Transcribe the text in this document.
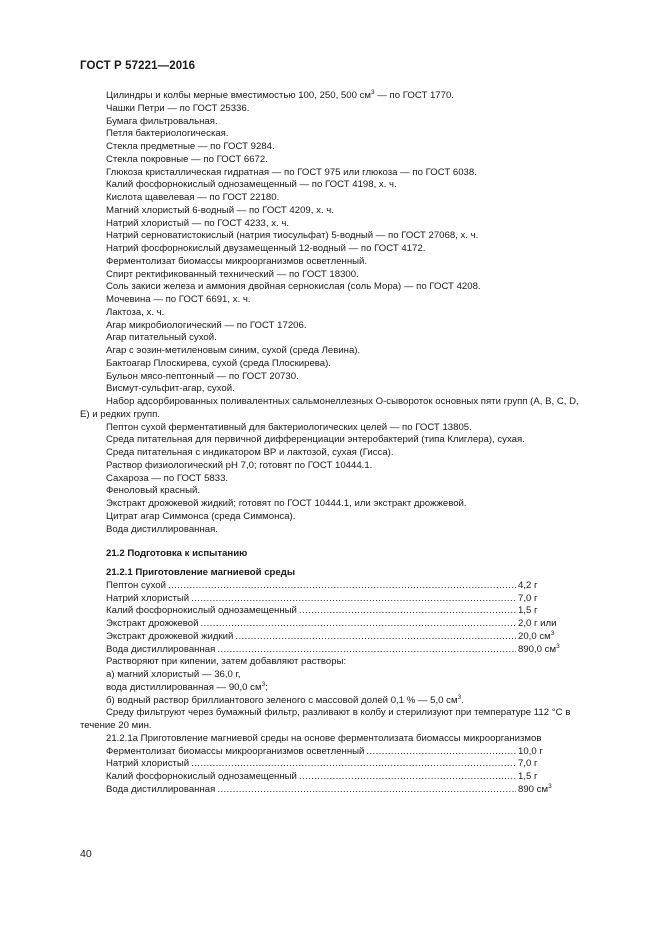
ГОСТ Р 57221—2016
Цилиндры и колбы мерные вместимостью 100, 250, 500 $см^3$ — по ГОСТ 1770.
Чашки Петри — по ГОСТ 25336.
Бумага фильтровальная.
Петля бактериологическая.
Стекла предметные — по ГОСТ 9284.
Стекла покровные — по ГОСТ 6672.
Глюкоза кристаллическая гидратная — по ГОСТ 975 или глюкоза — по ГОСТ 6038.
Калий фосфорнокислый однозамещенный — по ГОСТ 4198, х. ч.
Кислота щавелевая — по ГОСТ 22180.
Магний хлористый 6-водный — по ГОСТ 4209, х. ч.
Натрий хлористый — по ГОСТ 4233, х. ч.
Натрий серноватистокислый (натрия тиосульфат) 5-водный — по ГОСТ 27068, х. ч.
Натрий фосфорнокислый двузамещенный 12-водный — по ГОСТ 4172.
Ферментолизат биомассы микроорганизмов осветленный.
Спирт ректификованный технический — по ГОСТ 18300.
Соль закиси железа и аммония двойная сернокислая (соль Мора) — по ГОСТ 4208.
Мочевина — по ГОСТ 6691, х. ч.
Лактоза, х. ч.
Агар микробиологический — по ГОСТ 17206.
Агар питательный сухой.
Агар с эозин-метиленовым синим, сухой (среда Левина).
Бактоагар Плоскирева, сухой (среда Плоскирева).
Бульон мясо-пептонный — по ГОСТ 20730.
Висмут-сульфит-агар, сухой.
Набор адсорбированных поливалентных сальмонеллезных О-сывороток основных пяти групп (A, B, C, D, E) и редких групп.
Пептон сухой ферментативный для бактериологических целей — по ГОСТ 13805.
Среда питательная для первичной дифференциации энтеробактерий (типа Клиглера), сухая.
Среда питательная с индикатором ВР и лактозой, сухая (Гисса).
Раствор физиологический рН 7,0; готовят по ГОСТ 10444.1.
Сахароза — по ГОСТ 5833.
Феноловый красный.
Экстракт дрожжевой жидкий; готовят по ГОСТ 10444.1, или экстракт дрожжевой.
Цитрат агар Симмонса (среда Симмонса).
Вода дистиллированная.
21.2 Подготовка к испытанию
21.2.1 Приготовление магниевой среды
Пептон сухой .....	4,2 г
Натрий хлористый .....	7,0 г
Калий фосфорнокислый однозамещенный .....	1,5 г
Экстракт дрожжевой .....	2,0 г или
Экстракт дрожжевой жидкий .....	20,0 $см^3$
Вода дистиллированная .....	890,0 $см^3$
Растворяют при кипении, затем добавляют растворы:
а) магний хлористый — 36,0 г,
вода дистиллированная — 90,0 $см^3$;
б) водный раствор бриллиантового зеленого с массовой долей 0,1 % — 5,0 $см^3$.
Среду фильтруют через бумажный фильтр, разливают в колбу и стерилизуют при температуре 112 °C в течение 20 мин.
21.2.1а Приготовление магниевой среды на основе ферментолизата биомассы микроорганизмов
Ферментолизат биомассы микроорганизмов осветленный .....	10,0 г
Натрий хлористый .....	7,0 г
Калий фосфорнокислый однозамещенный .....	1,5 г
Вода дистиллированная .....	890 $см^3$
40
